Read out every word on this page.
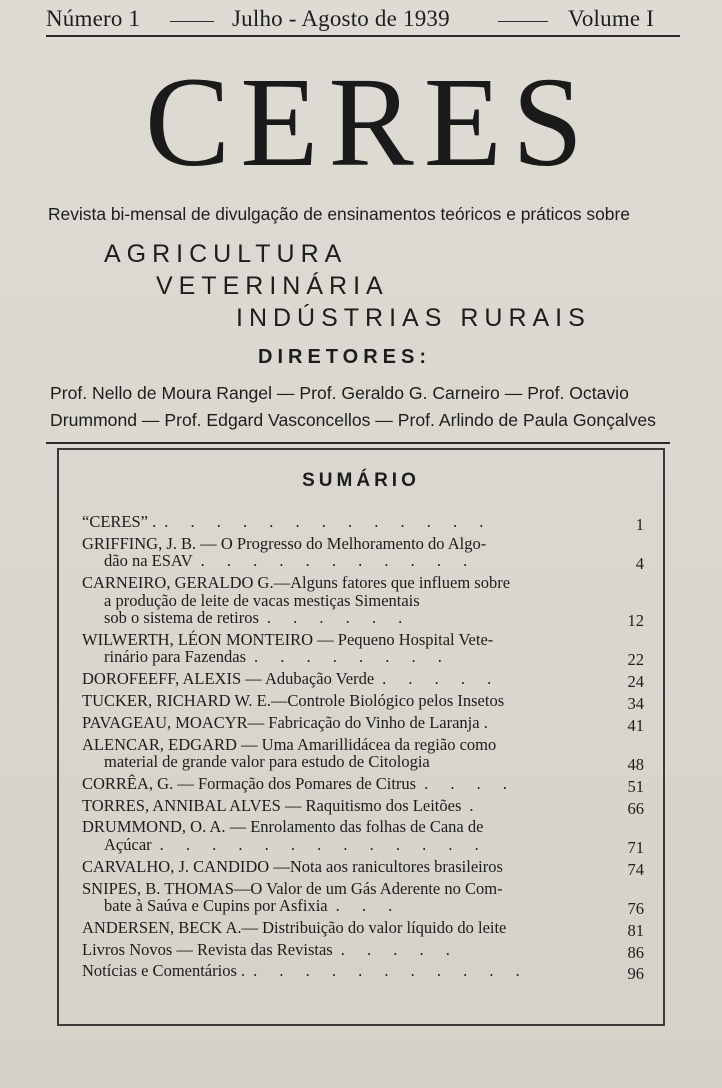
Número 1	Julho - Agosto de 1939	Volume I
CERES
Revista bi-mensal de divulgação de ensinamentos teóricos e práticos sobre
AGRICULTURA
VETERINÁRIA
INDÚSTRIAS RURAIS
DIRETORES:
Prof. Nello de Moura Rangel — Prof. Geraldo G. Carneiro — Prof. Octavio
Drummond — Prof. Edgard Vasconcellos — Prof. Arlindo de Paula Gonçalves
SUMÁRIO
“CERES” . . . . . . . . . . . . . .	1
GRIFFING, J. B. — O Progresso do Melhoramento do Algo-
dão na ESAV . . . . . . . . . . .	4
CARNEIRO, GERALDO G.—Alguns fatores que influem sobre
a produção de leite de vacas mestiças Simentais
sob o sistema de retiros . . . . . .	12
WILWERTH, LÉON MONTEIRO — Pequeno Hospital Vete-
rinário para Fazendas . . . . . . . .	22
DOROFEEFF, ALEXIS — Adubação Verde . . . . .	24
TUCKER, RICHARD W. E.—Controle Biológico pelos Insetos	34
PAVAGEAU, MOACYR— Fabricação do Vinho de Laranja .	41
ALENCAR, EDGARD — Uma Amarillidácea da região como
material de grande valor para estudo de Citologia	48
CORRÊA, G. — Formação dos Pomares de Citrus . . . .	51
TORRES, ANNIBAL ALVES — Raquitismo dos Leitões .	66
DRUMMOND, O. A. — Enrolamento das folhas de Cana de
Açúcar . . . . . . . . . . . . .	71
CARVALHO, J. CANDIDO —Nota aos ranicultores brasileiros	74
SNIPES, B. THOMAS—O Valor de um Gás Aderente no Com-
bate à Saúva e Cupins por Asfixia . . .	76
ANDERSEN, BECK A.— Distribuição do valor líquido do leite	81
Livros Novos — Revista das Revistas . . . . .	86
Notícias e Comentários . . . . . . . . . . . .	96
